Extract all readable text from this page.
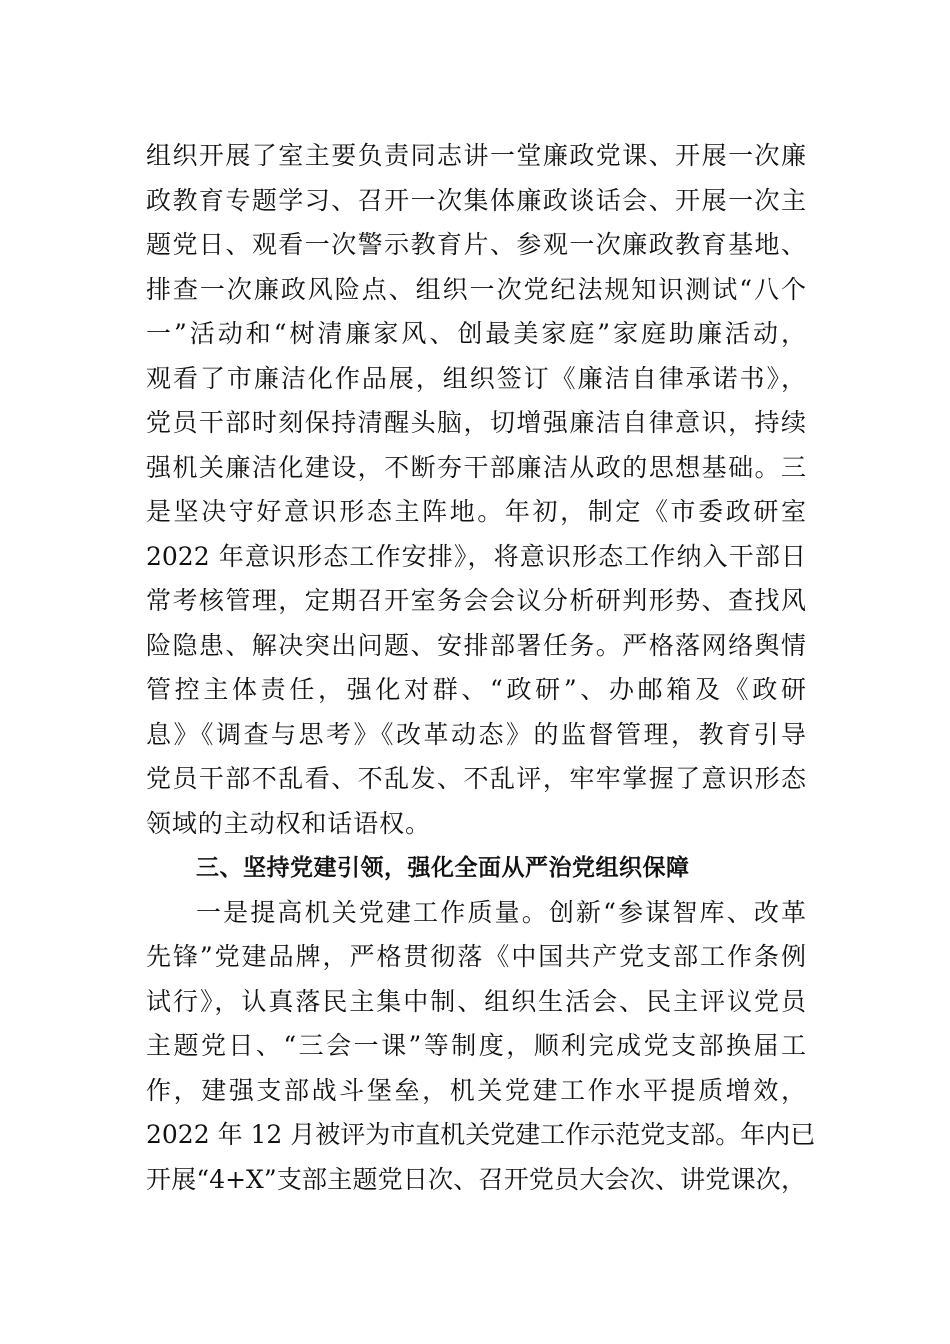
组织开展了室主要负责同志讲一堂廉政党课、开展一次廉
政教育专题学习、召开一次集体廉政谈话会、开展一次主
题党日、观看一次警示教育片、参观一次廉政教育基地、
排查一次廉政风险点、组织一次党纪法规知识测试“八个
一”活动和“树清廉家风、创最美家庭”家庭助廉活动，
观看了市廉洁化作品展，组织签订《廉洁自律承诺书》，
党员干部时刻保持清醒头脑，切增强廉洁自律意识，持续
强机关廉洁化建设，不断夯干部廉洁从政的思想基础。三
是坚决守好意识形态主阵地。年初，制定《市委政研室
2022 年意识形态工作安排》，将意识形态工作纳入干部日
常考核管理，定期召开室务会会议分析研判形势、查找风
险隐患、解决突出问题、安排部署任务。严格落网络舆情
管控主体责任，强化对群、“政研”、办邮箱及《政研
息》《调查与思考》《改革动态》的监督管理，教育引导
党员干部不乱看、不乱发、不乱评，牢牢掌握了意识形态
领域的主动权和话语权。
三、坚持党建引领，强化全面从严治党组织保障
一是提高机关党建工作质量。创新“参谋智库、改革
先锋”党建品牌，严格贯彻落《中国共产党支部工作条例
试行》，认真落民主集中制、组织生活会、民主评议党员
主题党日、“三会一课”等制度，顺利完成党支部换届工
作，建强支部战斗堡垒，机关党建工作水平提质增效，
2022 年 12 月被评为市直机关党建工作示范党支部。年内已
开展“4+X”支部主题党日次、召开党员大会次、讲党课次，
